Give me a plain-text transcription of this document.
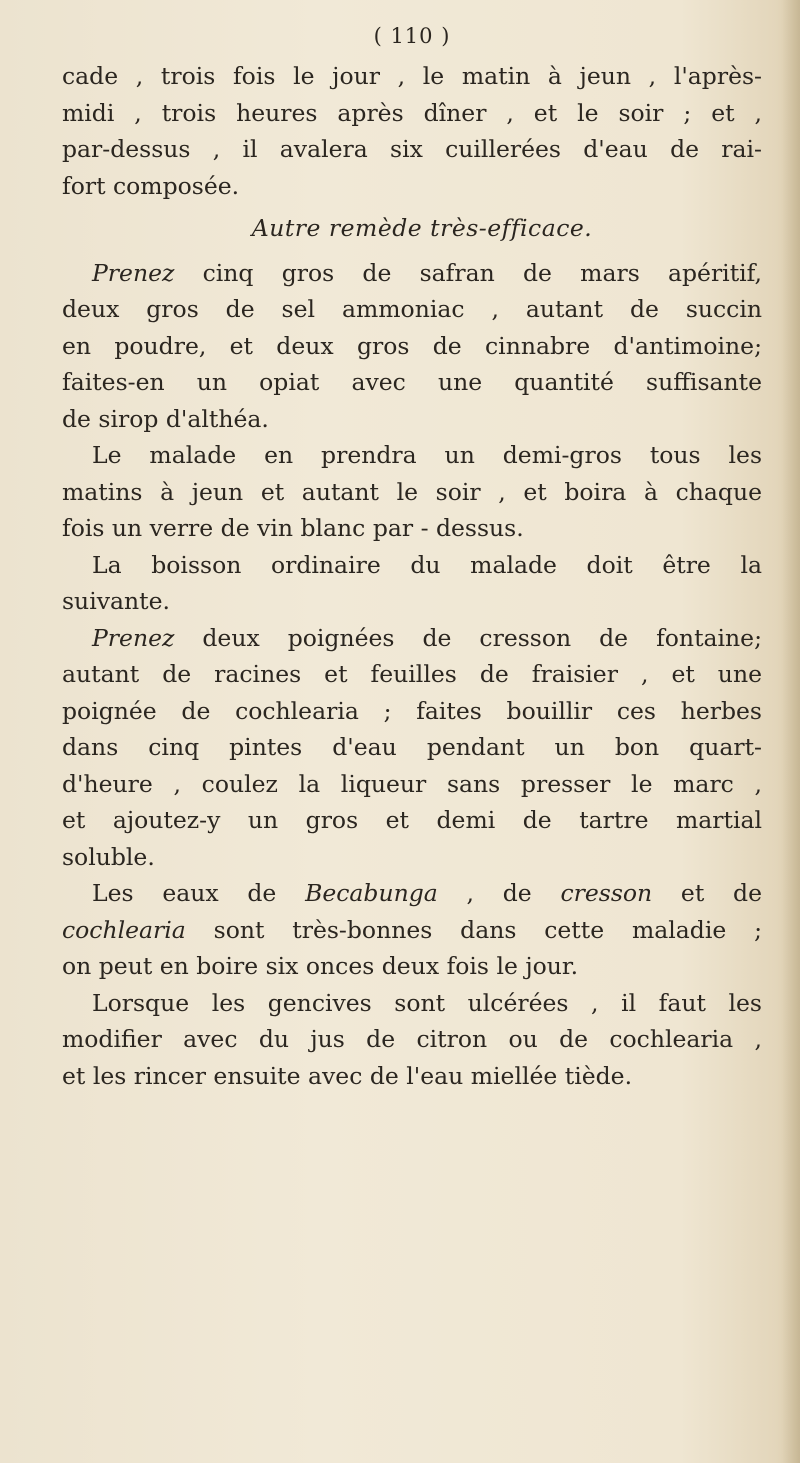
( 110 )
cade , trois fois le jour , le matin à jeun , l'après-
midi , trois heures après dîner , et le soir ; et ,
par-dessus , il avalera six cuillerées d'eau de rai-
fort composée.
Autre remède très-efficace.
Prenez cinq gros de safran de mars apéritif,
deux gros de sel ammoniac , autant de succin
en poudre, et deux gros de cinnabre d'antimoine;
faites-en un opiat avec une quantité suffisante
de sirop d'althéa.
Le malade en prendra un demi-gros tous les
matins à jeun et autant le soir , et boira à chaque
fois un verre de vin blanc par - dessus.
La boisson ordinaire du malade doit être la
suivante.
Prenez deux poignées de cresson de fontaine;
autant de racines et feuilles de fraisier , et une
poignée de cochlearia ; faites bouillir ces herbes
dans cinq pintes d'eau pendant un bon quart-
d'heure , coulez la liqueur sans presser le marc ,
et ajoutez-y un gros et demi de tartre martial
soluble.
Les eaux de Becabunga , de cresson et de
cochlearia sont très-bonnes dans cette maladie ;
on peut en boire six onces deux fois le jour.
Lorsque les gencives sont ulcérées , il faut les
modifier avec du jus de citron ou de cochlearia ,
et les rincer ensuite avec de l'eau miellée tiède.
